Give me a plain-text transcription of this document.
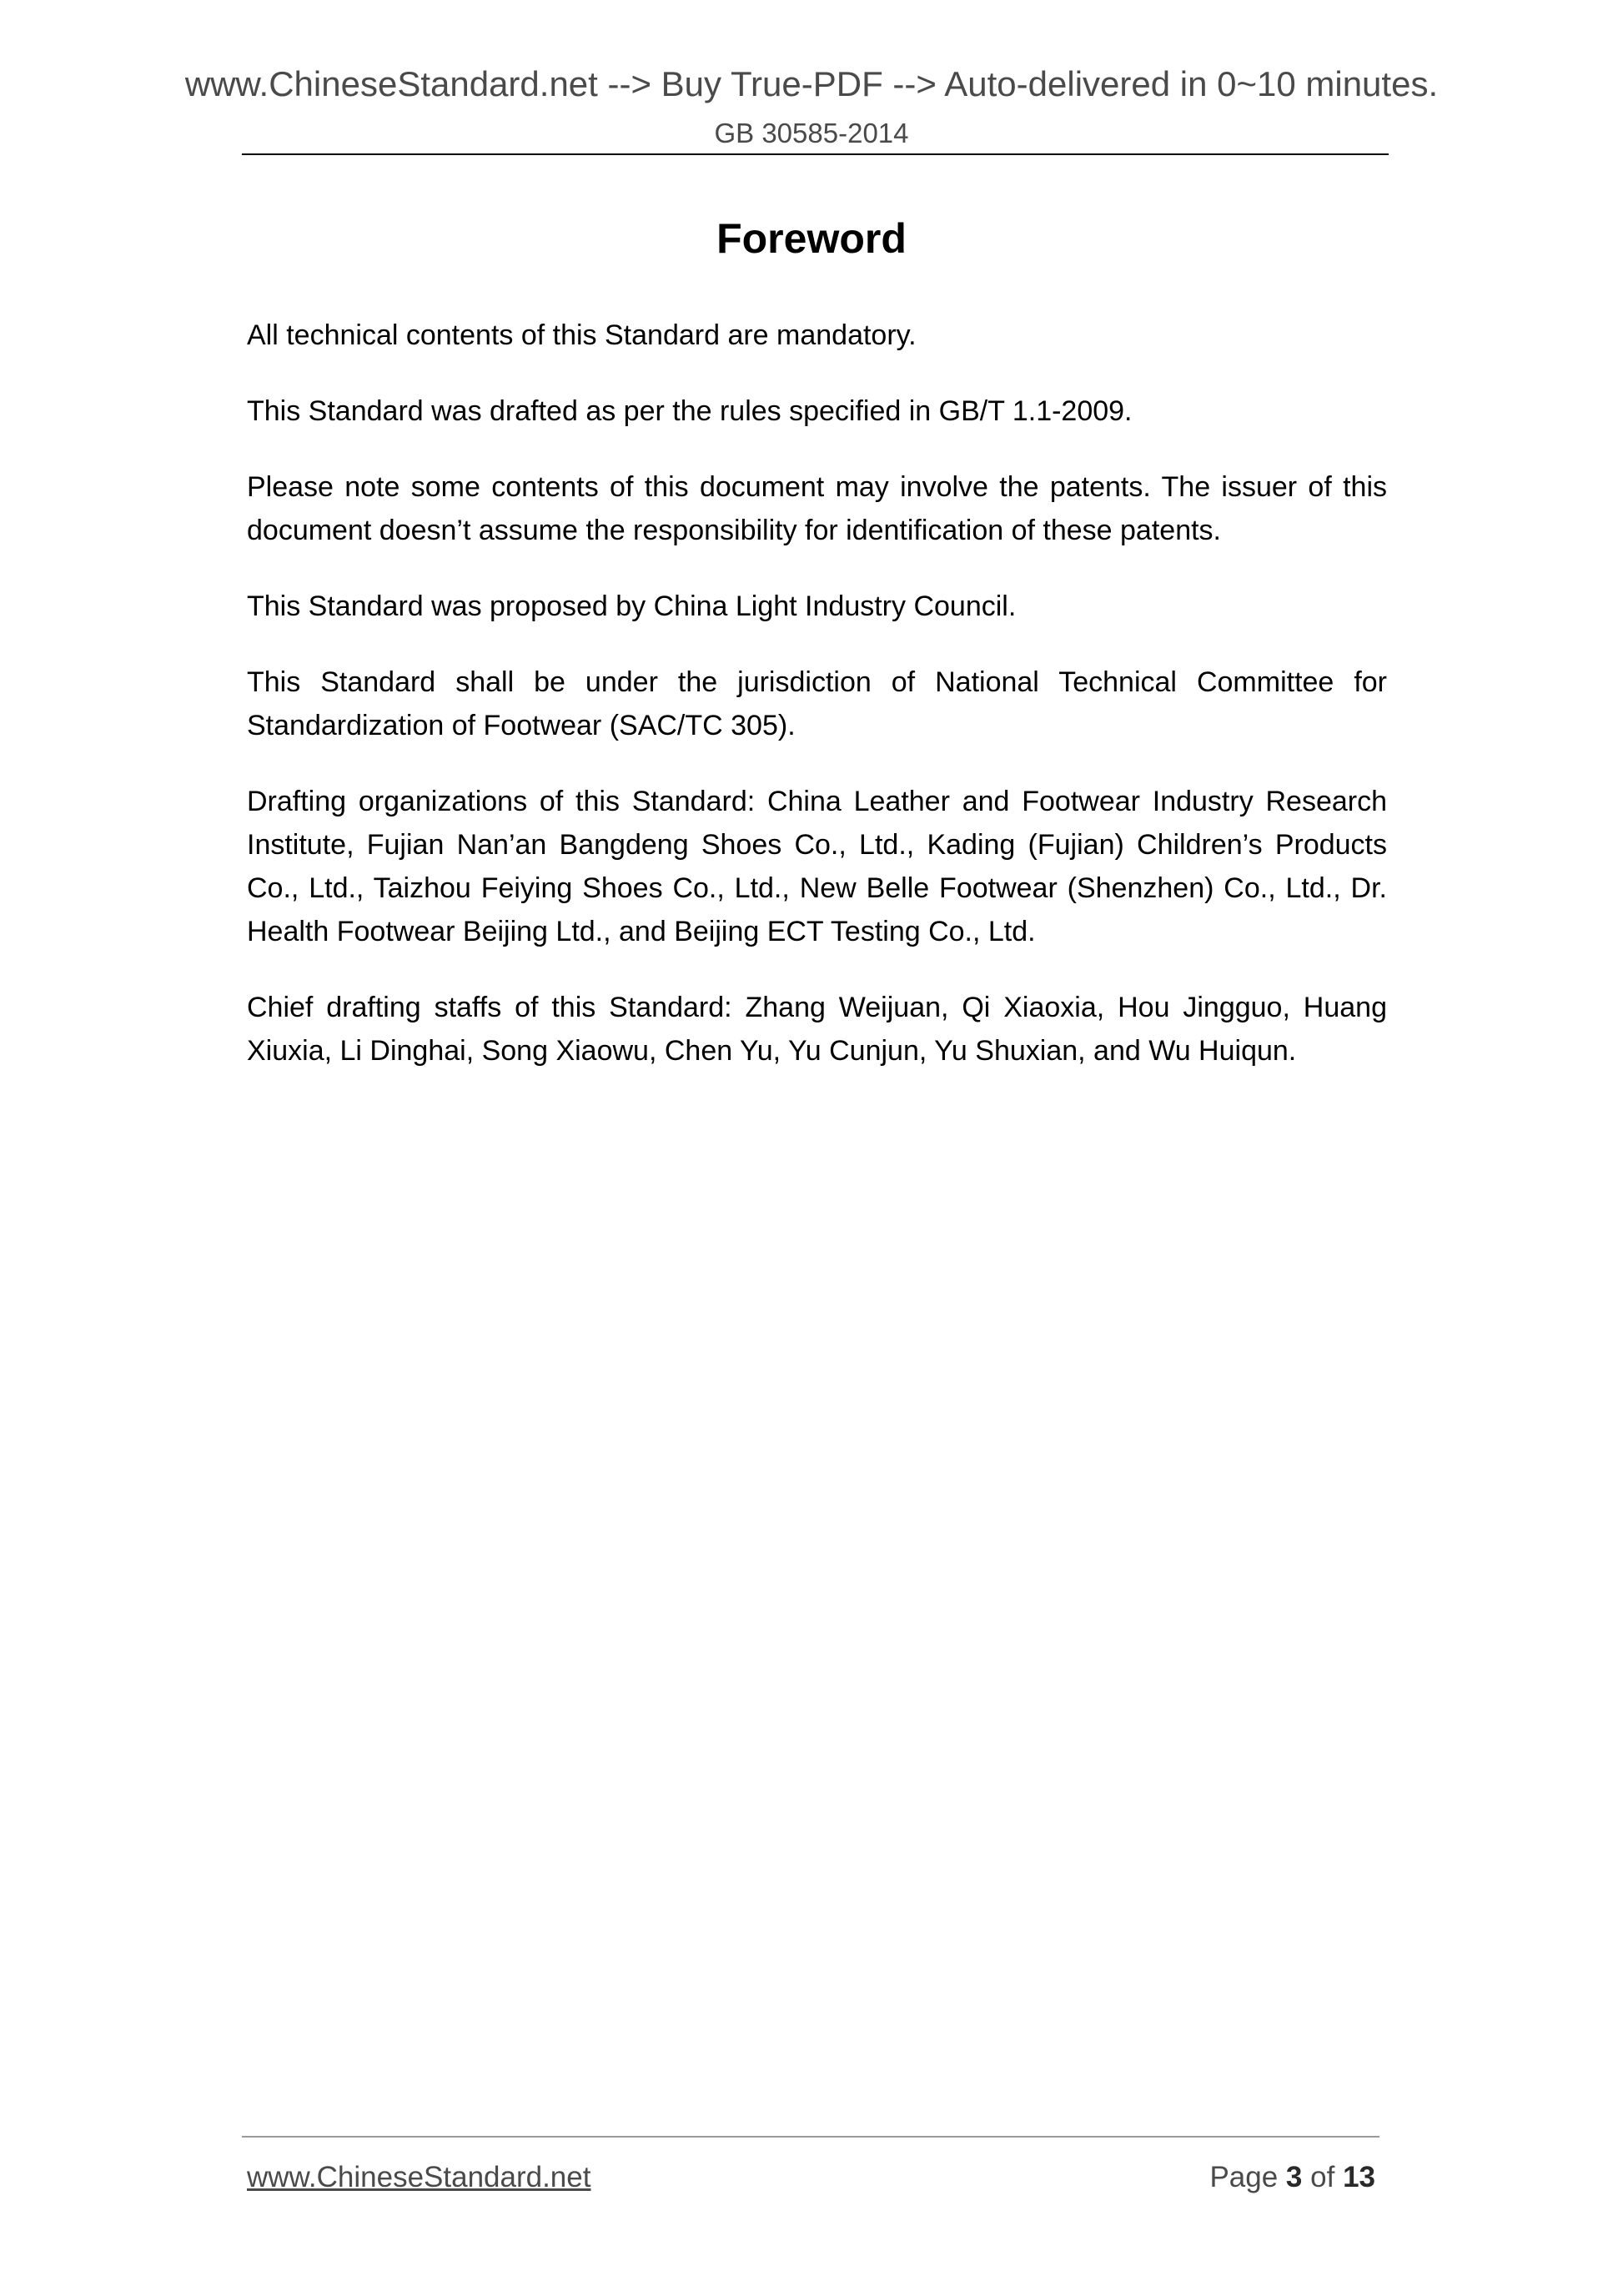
www.ChineseStandard.net --> Buy True-PDF --> Auto-delivered in 0~10 minutes.
GB 30585-2014
Foreword

All technical contents of this Standard are mandatory.

This Standard was drafted as per the rules specified in GB/T 1.1-2009.

Please note some contents of this document may involve the patents. The issuer of this document doesn’t assume the responsibility for identification of these patents.

This Standard was proposed by China Light Industry Council.

This Standard shall be under the jurisdiction of National Technical Committee for Standardization of Footwear (SAC/TC 305).

Drafting organizations of this Standard: China Leather and Footwear Industry Research Institute, Fujian Nan’an Bangdeng Shoes Co., Ltd., Kading (Fujian) Children’s Products Co., Ltd., Taizhou Feiying Shoes Co., Ltd., New Belle Footwear (Shenzhen) Co., Ltd., Dr. Health Footwear Beijing Ltd., and Beijing ECT Testing Co., Ltd.

Chief drafting staffs of this Standard: Zhang Weijuan, Qi Xiaoxia, Hou Jingguo, Huang Xiuxia, Li Dinghai, Song Xiaowu, Chen Yu, Yu Cunjun, Yu Shuxian, and Wu Huiqun.

www.ChineseStandard.net	Page 3 of 13
